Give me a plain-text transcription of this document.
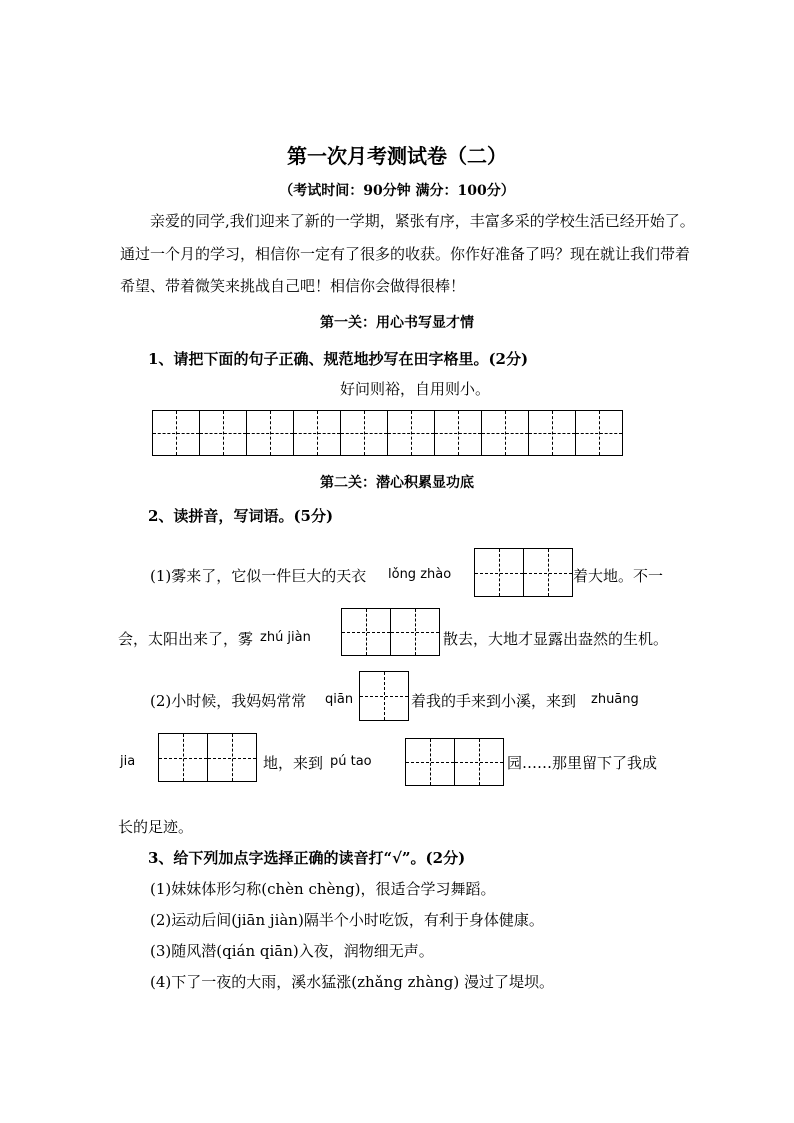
第一次月考测试卷（二）
（考试时间：90分钟 满分：100分）
亲爱的同学,我们迎来了新的一学期，紧张有序，丰富多采的学校生活已经开始了。
通过一个月的学习，相信你一定有了很多的收获。你作好准备了吗？现在就让我们带着
希望、带着微笑来挑战自己吧！相信你会做得很棒！
第一关：用心书写显才情
1、请把下面的句子正确、规范地抄写在田字格里。(2分)
好问则裕，自用则小。
第二关：潜心积累显功底
2、读拼音，写词语。(5分)
(1)雾来了，它似一件巨大的天衣 lǒng zhào	着大地。不一
会，太阳出来了，雾 zhú jiàn	散去，大地才显露出盎然的生机。
(2)小时候，我妈妈常常 qiān	着我的手来到小溪，来到 zhuāng
jia	地，来到 pú tao	园……那里留下了我成
长的足迹。
3、给下列加点字选择正确的读音打“√”。(2分)
(1)妹妹体形匀称(chèn chèng)，很适合学习舞蹈。
(2)运动后间(jiān jiàn)隔半个小时吃饭，有利于身体健康。
(3)随风潜(qián qiān)入夜，润物细无声。
(4)下了一夜的大雨，溪水猛涨(zhǎng zhàng) 漫过了堤坝。
